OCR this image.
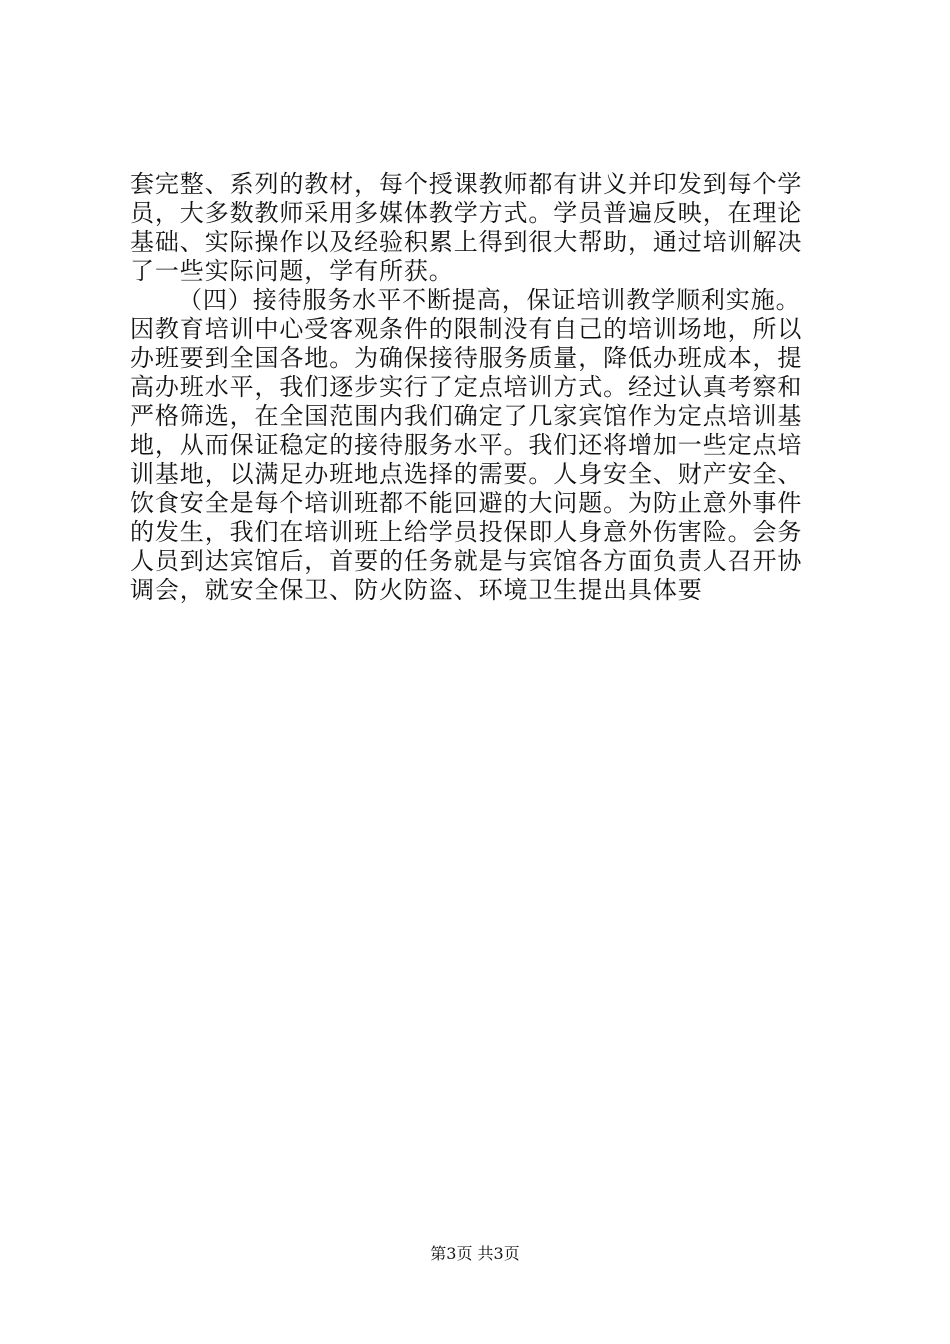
套完整、系列的教材，每个授课教师都有讲义并印发到每个学
员，大多数教师采用多媒体教学方式。学员普遍反映，在理论
基础、实际操作以及经验积累上得到很大帮助，通过培训解决
了一些实际问题，学有所获。
（四）接待服务水平不断提高，保证培训教学顺利实施。
因教育培训中心受客观条件的限制没有自己的培训场地，所以
办班要到全国各地。为确保接待服务质量，降低办班成本，提
高办班水平，我们逐步实行了定点培训方式。经过认真考察和
严格筛选，在全国范围内我们确定了几家宾馆作为定点培训基
地，从而保证稳定的接待服务水平。我们还将增加一些定点培
训基地，以满足办班地点选择的需要。人身安全、财产安全、
饮食安全是每个培训班都不能回避的大问题。为防止意外事件
的发生，我们在培训班上给学员投保即人身意外伤害险。会务
人员到达宾馆后，首要的任务就是与宾馆各方面负责人召开协
调会，就安全保卫、防火防盗、环境卫生提出具体要
第3页 共3页
